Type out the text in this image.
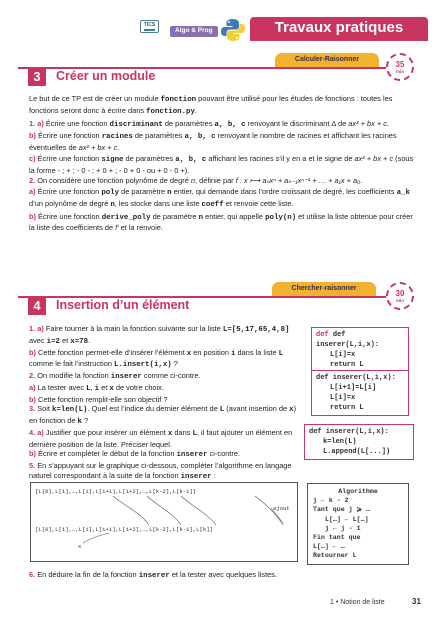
TICS
Algo & Prog	Travaux pratiques
Calculer-Raisonner
35
min
3	Créer un module

Le but de ce TP est de créer un module fonction pouvant être utilisé pour les études de fonctions : toutes les fonctions seront donc à écrire dans fonction.py.

1. a) Écrire une fonction discriminant de paramètres a, b, c renvoyant le discriminant Δ de ax² + bx + c.

b) Écrire une fonction racines de paramètres a, b, c renvoyant le nombre de racines et affichant les racines éventuelles de ax² + bx + c.

c) Écrire une fonction signe de paramètres a, b, c affichant les racines s’il y en a et le signe de ax² + bx + c (sous la forme - ; + ; - 0 - ; + 0 + ; - 0 + 0 - ou + 0 - 0 +).

2. On considère une fonction polynôme de degré n, définie par f : x ⟼ aₙxⁿ + aₙ₋₁xⁿ⁻¹ + … + a₁x + a₀.

a) Écrire une fonction poly de paramètre n entier, qui demande dans l’ordre croissant de degré, les coefficients a_k d’un polynôme de degré n, les stocke dans une liste coeff et renvoie cette liste.

b) Écrire une fonction derive_poly de paramètre n entier, qui appelle poly(n) et utilise la liste obtenue pour créer la liste des coefficients de f′ et la renvoie.

Chercher-raisonner
30
min
4	Insertion d’un élément

1. a) Faire tourner à la main la fonction suivante sur la liste L=[5,17,65,4,8] avec i=2 et x=78.

b) Cette fonction permet-elle d’insérer l’élément x en position i dans la liste L comme le fait l’instruction L.insert(i,x) ?

2. On modifie la fonction inserer comme ci-contre.

a) La tester avec L, i et x de votre choix.

b) Cette fonction remplit-elle son objectif ?

3. Soit k=len(L). Quel est l’indice du dernier élément de L (avant insertion de x) en fonction de k ?

4. a) Justifier que pour insérer un élément x dans L, il faut ajouter un élément en dernière position de la liste. Préciser lequel.

b) Écrire et compléter le début de la fonction inserer ci-contre.

5. En s’appuyant sur le graphique ci-dessous, compléter l’algorithme en langage naturel correspondant à la suite de la fonction inserer :

def def inserer(L,i,x):
L[i]=x
return L
def inserer(L,i,x):
L[i+1]=L[i]
L[i]=x
return L
def inserer(L,i,x):
k=len(L)
L.append(L[...])
[L[0],L[1],…,L[i],L[i+1],L[i+2],…,L[k-2],L[k-1]]
ajout
[L[0],L[1],…,L[i],L[i+1],L[i+2],…,L[k-2],L[k-1],L[k]]
x
Algorithme
j ← k - 2
Tant que j ⩾ …
L[…] ← L[…]
j ← j - 1
Fin tant que
L[…] ← …
Retourner L
6. En déduire la fin de la fonction inserer et la tester avec quelques listes.
1 • Notion de liste	31
